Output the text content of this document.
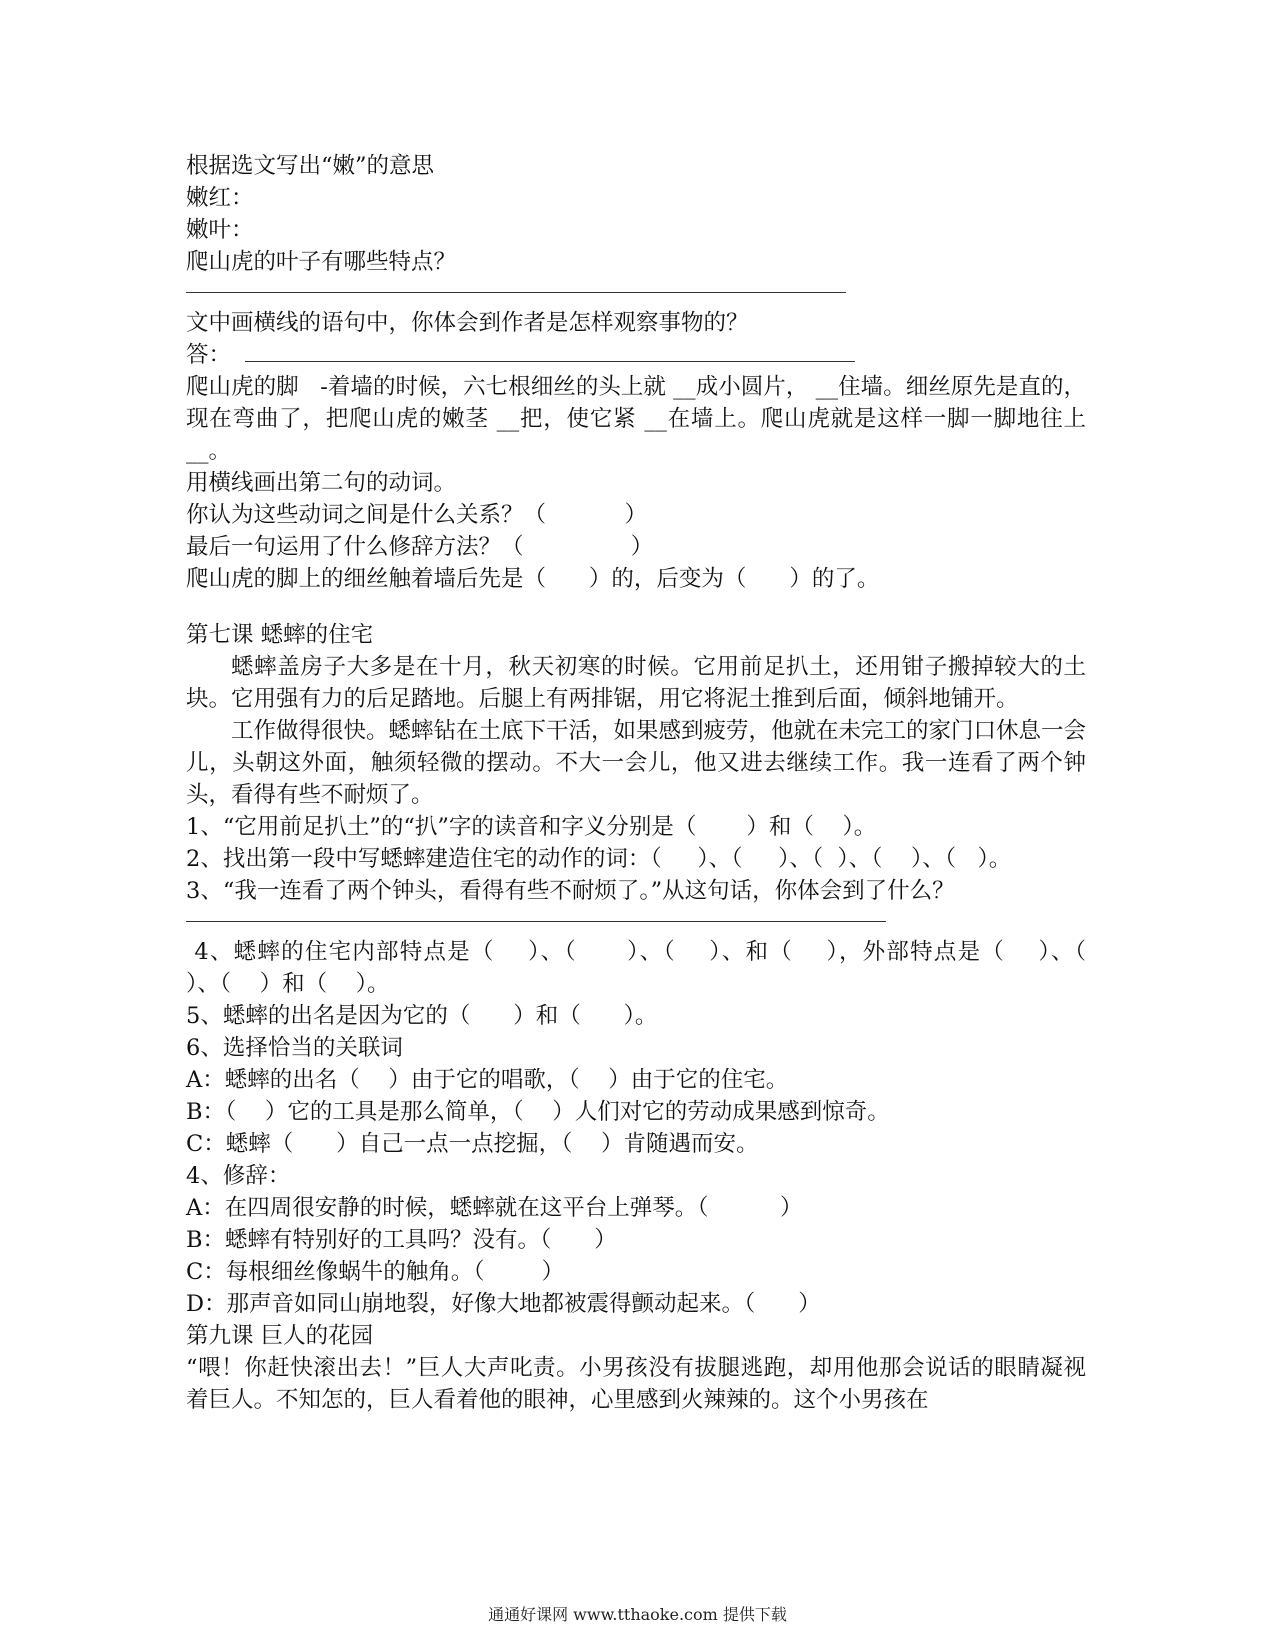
根据选文写出“嫩”的意思
嫩红：
嫩叶：
爬山虎的叶子有哪些特点？
文中画横线的语句中，你体会到作者是怎样观察事物的？
答：
爬山虎的脚   -着墙的时候，六七根细丝的头上就 __成小圆片， __住墙。细丝原先是直的，现在弯曲了，把爬山虎的嫩茎 __把，使它紧 __在墙上。爬山虎就是这样一脚一脚地往上 __。
用横线画出第二句的动词。
你认为这些动词之间是什么关系？（           ）
最后一句运用了什么修辞方法？（               ）
爬山虎的脚上的细丝触着墙后先是（      ）的，后变为（      ）的了。
第七课 蟋蟀的住宅
蟋蟀盖房子大多是在十月，秋天初寒的时候。它用前足扒土，还用钳子搬掉较大的土块。它用强有力的后足踏地。后腿上有两排锯，用它将泥土推到后面，倾斜地铺开。
工作做得很快。蟋蟀钻在土底下干活，如果感到疲劳，他就在未完工的家门口休息一会儿，头朝这外面，触须轻微的摆动。不大一会儿，他又进去继续工作。我一连看了两个钟头，看得有些不耐烦了。
1、“它用前足扒土”的“扒”字的读音和字义分别是（       ）和（    ）。
2、找出第一段中写蟋蟀建造住宅的动作的词：（     ）、（     ）、（  ）、（    ）、（   ）。
3、“我一连看了两个钟头，看得有些不耐烦了。”从这句话，你体会到了什么？
4、蟋蟀的住宅内部特点是（    ）、（      ）、（    ）、和（    ），外部特点是（    ）、（      ）、（    ）和（    ）。
5、蟋蟀的出名是因为它的（      ）和（      ）。
6、选择恰当的关联词
A：蟋蟀的出名（    ）由于它的唱歌，（    ）由于它的住宅。
B：（    ）它的工具是那么简单，（    ）人们对它的劳动成果感到惊奇。
C：蟋蟀（      ）自己一点一点挖掘，（    ）肯随遇而安。
4、修辞：
A：在四周很安静的时候，蟋蟀就在这平台上弹琴。（          ）
B：蟋蟀有特别好的工具吗？没有。（      ）
C：每根细丝像蜗牛的触角。（        ）
D：那声音如同山崩地裂，好像大地都被震得颤动起来。（      ）
第九课 巨人的花园
“喂！你赶快滚出去！”巨人大声叱责。小男孩没有拔腿逃跑，却用他那会说话的眼睛凝视着巨人。不知怎的，巨人看着他的眼神，心里感到火辣辣的。这个小男孩在
通通好课网 www.tthaoke.com 提供下载
